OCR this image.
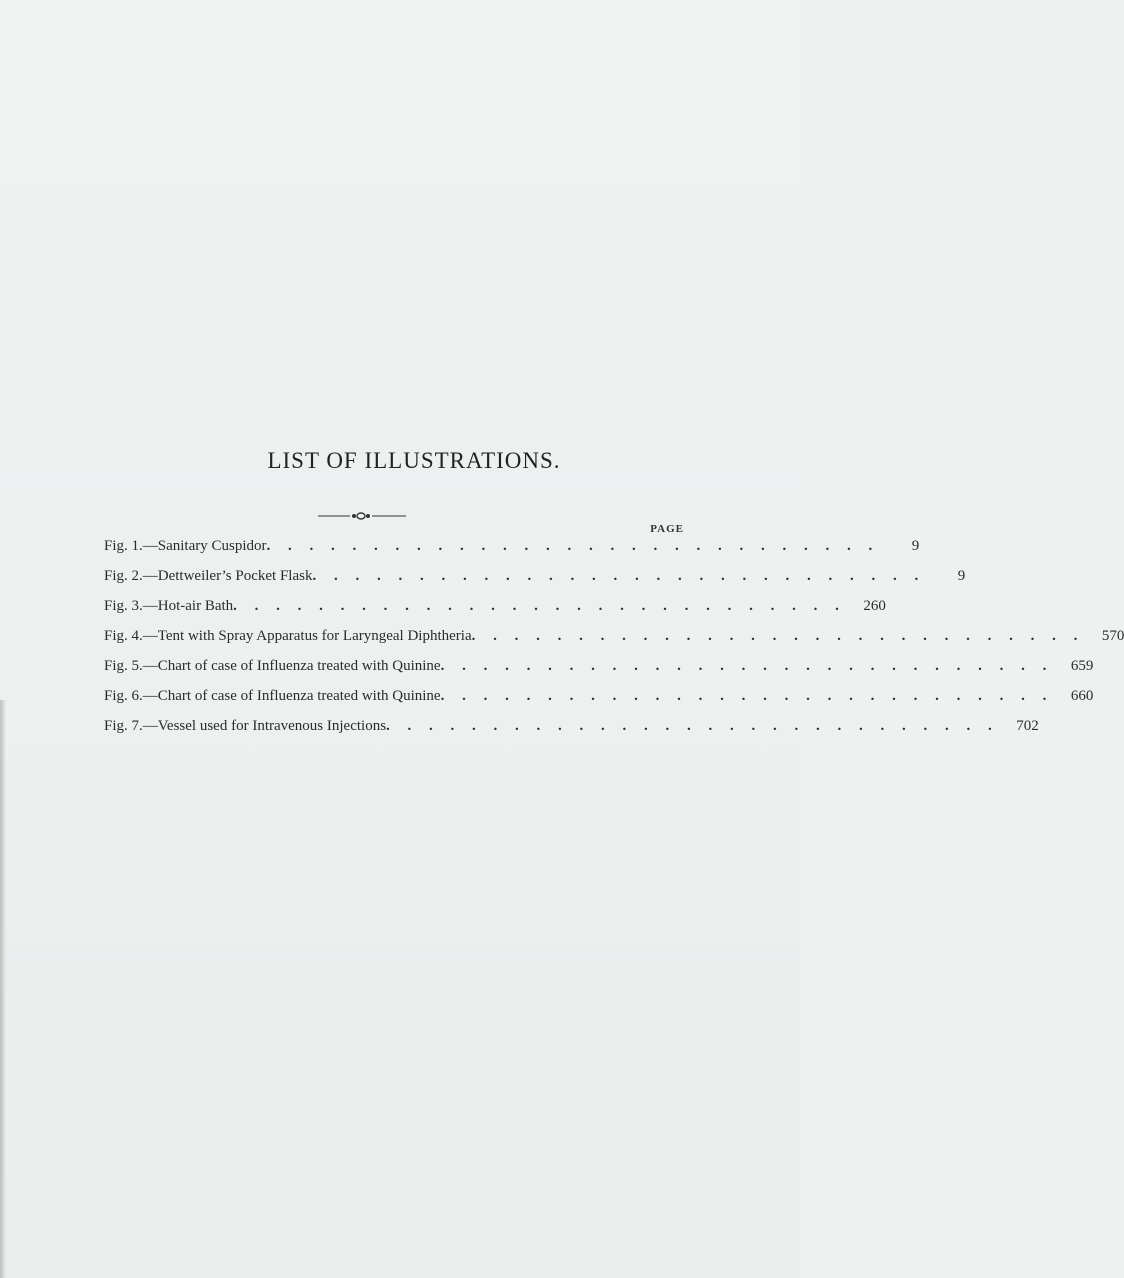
LIST OF ILLUSTRATIONS.
PAGE
Fig. 1.—Sanitary Cuspidor . . . . . . . . . . . . . . . . . . . . . . . . . . . . .	9
Fig. 2.—Dettweiler’s Pocket Flask . . . . . . . . . . . . . . . . . . . . . . . . . . . . .	9
Fig. 3.—Hot-air Bath . . . . . . . . . . . . . . . . . . . . . . . . . . . . .	260
Fig. 4.—Tent with Spray Apparatus for Laryngeal Diphtheria . . . . . . . . . . . . . . . . . . . . . . . . . . . . .	570
Fig. 5.—Chart of case of Influenza treated with Quinine . . . . . . . . . . . . . . . . . . . . . . . . . . . . .	659
Fig. 6.—Chart of case of Influenza treated with Quinine . . . . . . . . . . . . . . . . . . . . . . . . . . . . .	660
Fig. 7.—Vessel used for Intravenous Injections . . . . . . . . . . . . . . . . . . . . . . . . . . . . .	702
